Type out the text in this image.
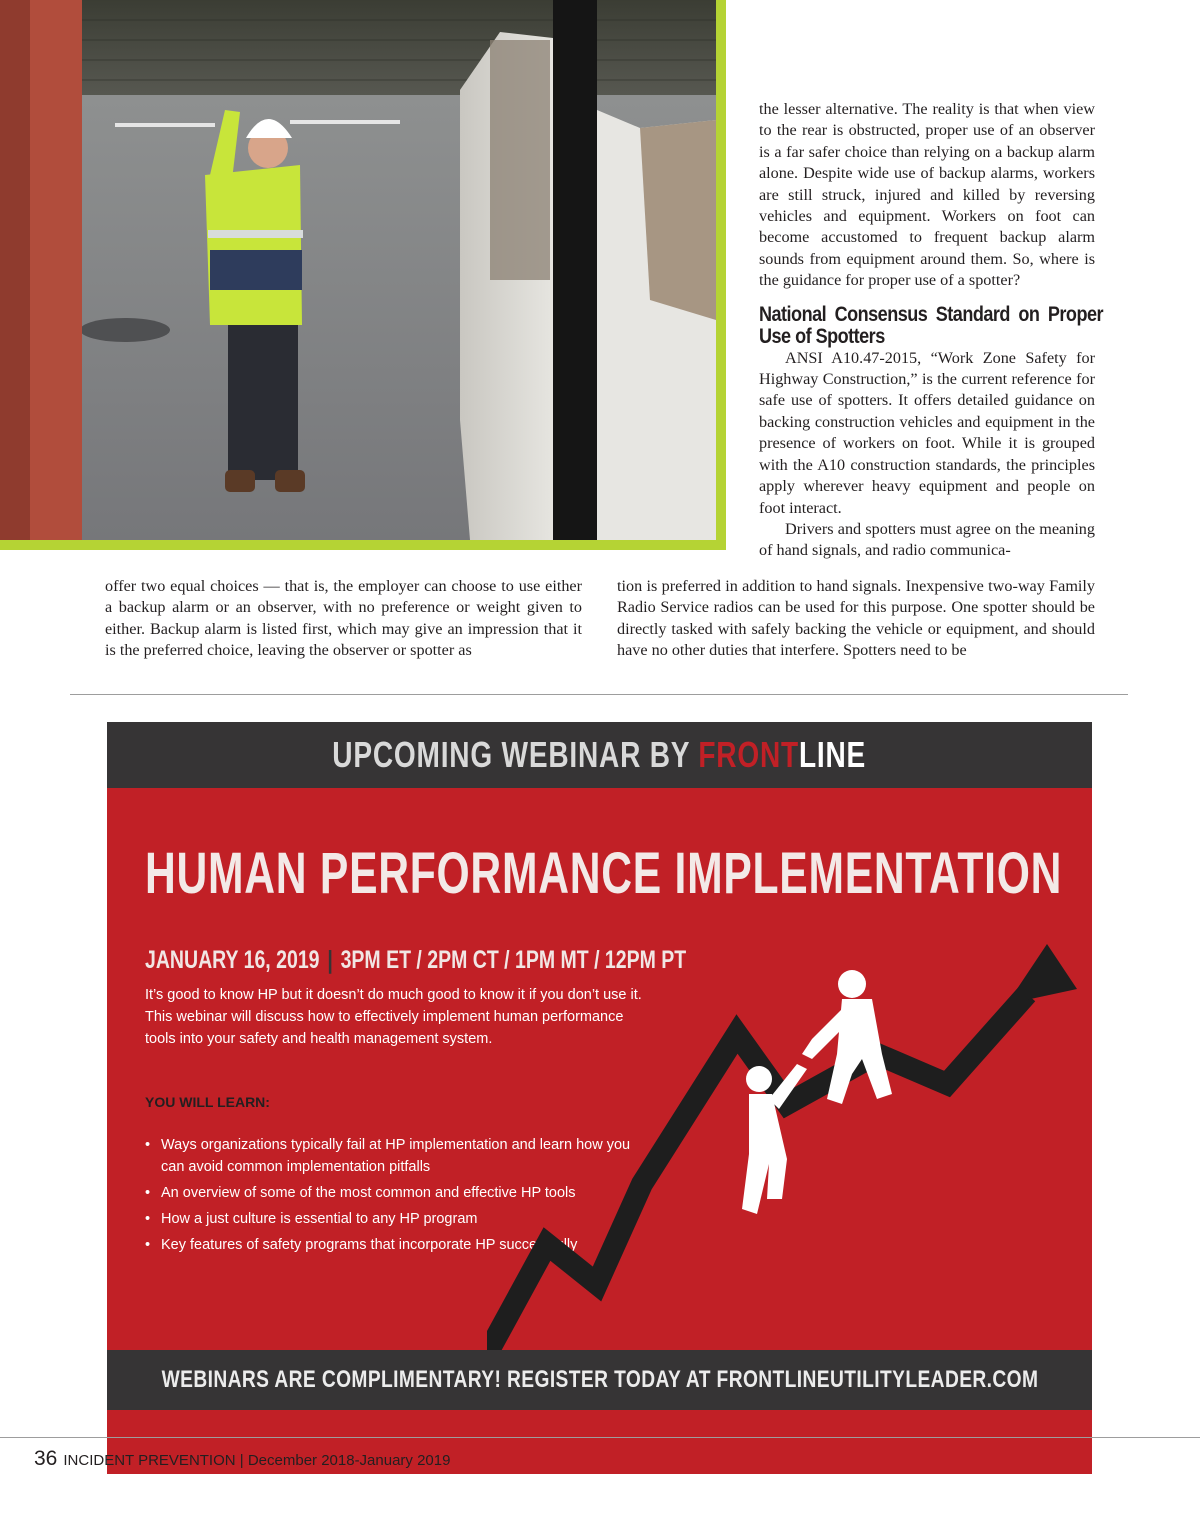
the lesser alternative. The reality is that when view to the rear is obstructed, proper use of an observer is a far safer choice than relying on a backup alarm alone. Despite wide use of backup alarms, workers are still struck, injured and killed by reversing vehicles and equipment. Workers on foot can become accustomed to frequent backup alarm sounds from equipment around them. So, where is the guidance for proper use of a spotter?

National Consensus Standard on Proper Use of Spotters

ANSI A10.47-2015, “Work Zone Safety for Highway Construction,” is the current reference for safe use of spotters. It offers detailed guidance on backing construction vehicles and equipment in the presence of workers on foot. While it is grouped with the A10 construction standards, the principles apply wherever heavy equipment and people on foot interact.

Drivers and spotters must agree on the meaning of hand signals, and radio communica-

offer two equal choices — that is, the employer can choose to use either a backup alarm or an observer, with no preference or weight given to either. Backup alarm is listed first, which may give an impression that it is the preferred choice, leaving the observer or spotter as

tion is preferred in addition to hand signals. Inexpensive two-way Family Radio Service radios can be used for this purpose. One spotter should be directly tasked with safely backing the vehicle or equipment, and should have no other duties that interfere. Spotters need to be

UPCOMING WEBINAR BY FRONTLINE
HUMAN PERFORMANCE IMPLEMENTATION
JANUARY 16, 2019 | 3PM ET / 2PM CT / 1PM MT / 12PM PT
It’s good to know HP but it doesn’t do much good to know it if you don’t use it. This webinar will discuss how to effectively implement human performance tools into your safety and health management system.
YOU WILL LEARN:
• Ways organizations typically fail at HP implementation and learn how you can avoid common implementation pitfalls
• An overview of some of the most common and effective HP tools
• How a just culture is essential to any HP program
• Key features of safety programs that incorporate HP successfully
WEBINARS ARE COMPLIMENTARY! REGISTER TODAY AT FRONTLINEUTILITYLEADER.COM
36 INCIDENT PREVENTION | December 2018-January 2019
